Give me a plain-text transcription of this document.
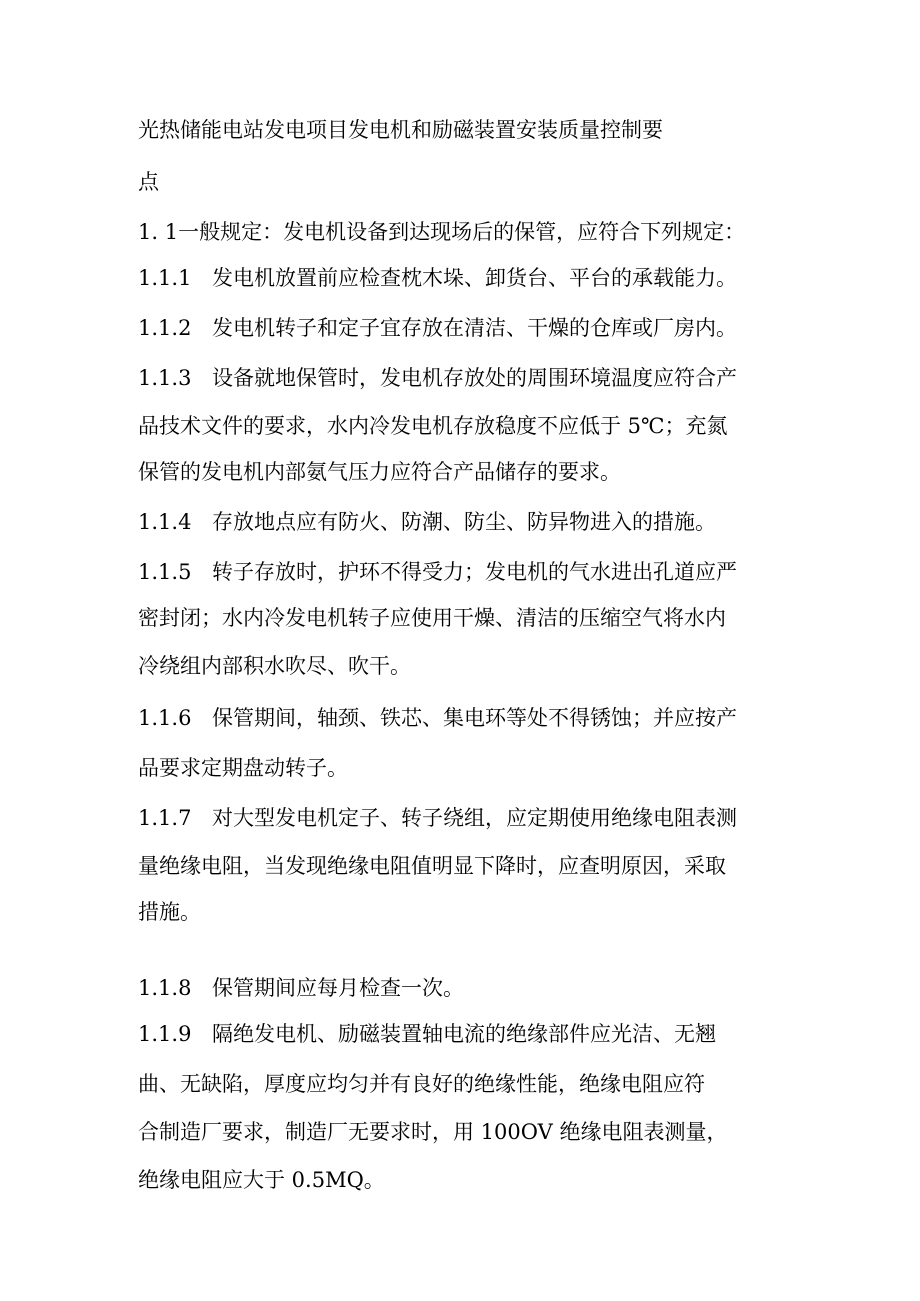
光热储能电站发电项目发电机和励磁装置安装质量控制要
点
1. 1一般规定：发电机设备到达现场后的保管，应符合下列规定：
1.1.1 发电机放置前应检查枕木垛、卸货台、平台的承载能力。
1.1.2 发电机转子和定子宜存放在清洁、干燥的仓库或厂房内。
1.1.3 设备就地保管时，发电机存放处的周围环境温度应符合产
品技术文件的要求，水内冷发电机存放稳度不应低于 5℃；充氮
保管的发电机内部氨气压力应符合产品储存的要求。
1.1.4 存放地点应有防火、防潮、防尘、防异物进入的措施。
1.1.5 转子存放时，护环不得受力；发电机的气水进出孔道应严
密封闭；水内冷发电机转子应使用干燥、清洁的压缩空气将水内
冷绕组内部积水吹尽、吹干。
1.1.6 保管期间，轴颈、铁芯、集电环等处不得锈蚀；并应按产
品要求定期盘动转子。
1.1.7 对大型发电机定子、转子绕组，应定期使用绝缘电阻表测
量绝缘电阻，当发现绝缘电阻值明显下降时，应查明原因，采取
措施。
1.1.8 保管期间应每月检查一次。
1.1.9 隔绝发电机、励磁装置轴电流的绝缘部件应光洁、无翘
曲、无缺陷，厚度应均匀并有良好的绝缘性能，绝缘电阻应符
合制造厂要求，制造厂无要求时，用 100OV 绝缘电阻表测量，
绝缘电阻应大于 0.5MQ。
